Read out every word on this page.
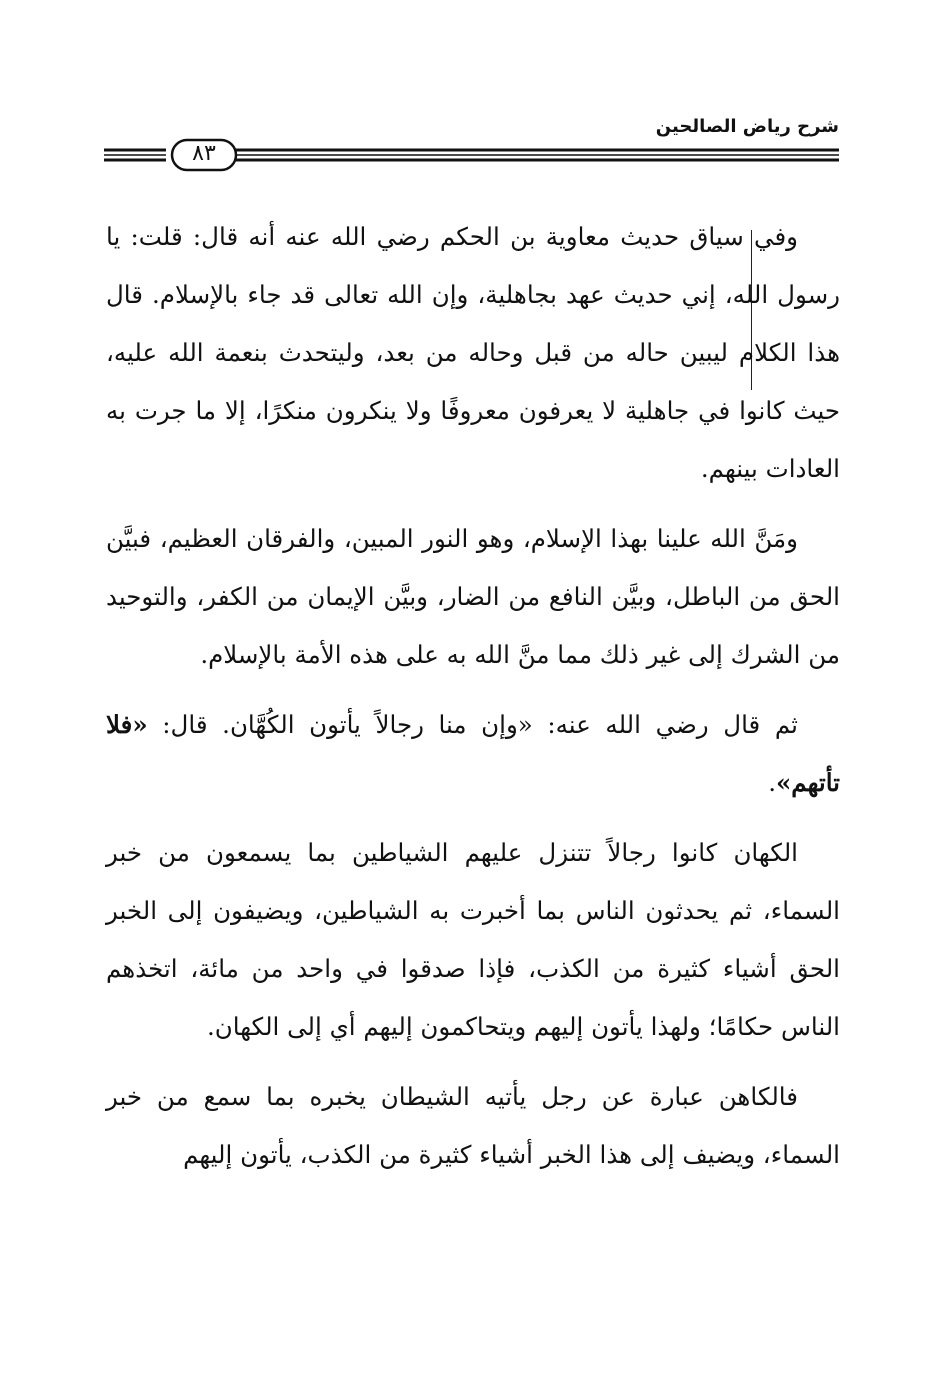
شرح رياض الصالحين
٨٣

وفي سياق حديث معاوية بن الحكم رضي الله عنه أنه قال: قلت: يا رسول الله، إني حديث عهد بجاهلية، وإن الله تعالى قد جاء بالإسلام. قال هذا الكلام ليبين حاله من قبل وحاله من بعد، وليتحدث بنعمة الله عليه، حيث كانوا في جاهلية لا يعرفون معروفًا ولا ينكرون منكرًا، إلا ما جرت به العادات بينهم.

ومَنَّ الله علينا بهذا الإسلام، وهو النور المبين، والفرقان العظيم، فبيَّن الحق من الباطل، وبيَّن النافع من الضار، وبيَّن الإيمان من الكفر، والتوحيد من الشرك إلى غير ذلك مما منَّ الله به على هذه الأمة بالإسلام.

ثم قال رضي الله عنه: «وإن منا رجالاً يأتون الكُهَّان. قال: «فلا تأتهم».

الكهان كانوا رجالاً تتنزل عليهم الشياطين بما يسمعون من خبر السماء، ثم يحدثون الناس بما أخبرت به الشياطين، ويضيفون إلى الخبر الحق أشياء كثيرة من الكذب، فإذا صدقوا في واحد من مائة، اتخذهم الناس حكامًا؛ ولهذا يأتون إليهم ويتحاكمون إليهم أي إلى الكهان.

فالكاهن عبارة عن رجل يأتيه الشيطان يخبره بما سمع من خبر السماء، ويضيف إلى هذا الخبر أشياء كثيرة من الكذب، يأتون إليهم
